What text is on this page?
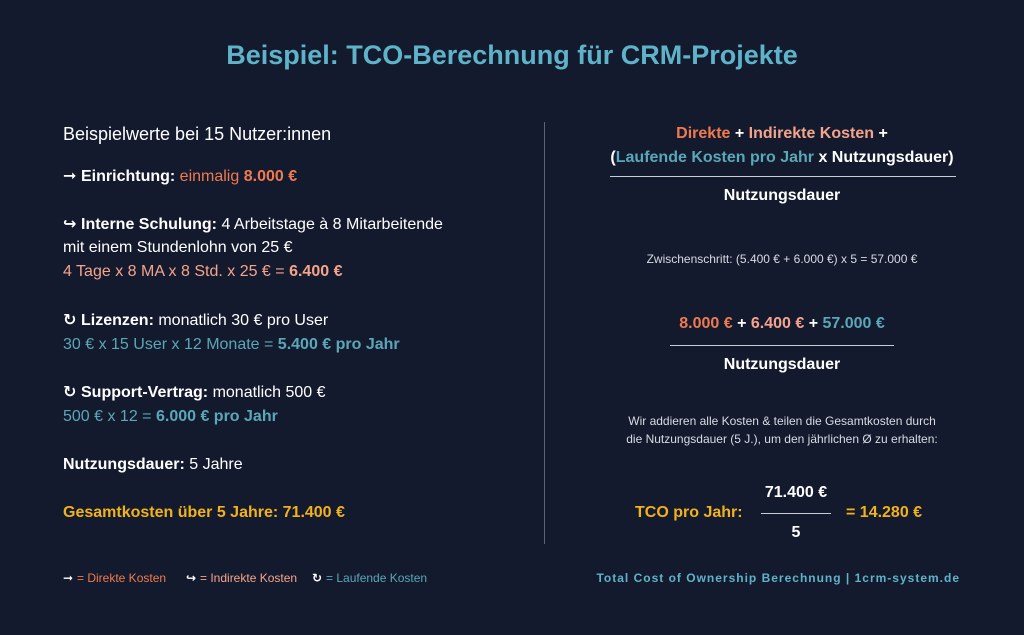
Beispiel: TCO-Berechnung für CRM-Projekte
Beispielwerte bei 15 Nutzer:innen
➞ Einrichtung: einmalig 8.000 €
↪ Interne Schulung: 4 Arbeitstage à 8 Mitarbeitende
mit einem Stundenlohn von 25 €
4 Tage x 8 MA x 8 Std. x 25 € = 6.400 €
↻ Lizenzen: monatlich 30 € pro User
30 € x 15 User x 12 Monate = 5.400 € pro Jahr
↻ Support-Vertrag: monatlich 500 €
500 € x 12 = 6.000 € pro Jahr
Nutzungsdauer: 5 Jahre
Gesamtkosten über 5 Jahre: 71.400 €
Direkte + Indirekte Kosten +
(Laufende Kosten pro Jahr x Nutzungsdauer)
Nutzungsdauer
Zwischenschritt: (5.400 € + 6.000 €) x 5 = 57.000 €
8.000 € + 6.400 € + 57.000 €
Nutzungsdauer
Wir addieren alle Kosten & teilen die Gesamtkosten durch
die Nutzungsdauer (5 J.), um den jährlichen Ø zu erhalten:
TCO pro Jahr:
71.400 €
5
= 14.280 €
➞ = Direkte Kosten ↪ = Indirekte Kosten ↻ = Laufende Kosten	Total Cost of Ownership Berechnung | 1crm-system.de
